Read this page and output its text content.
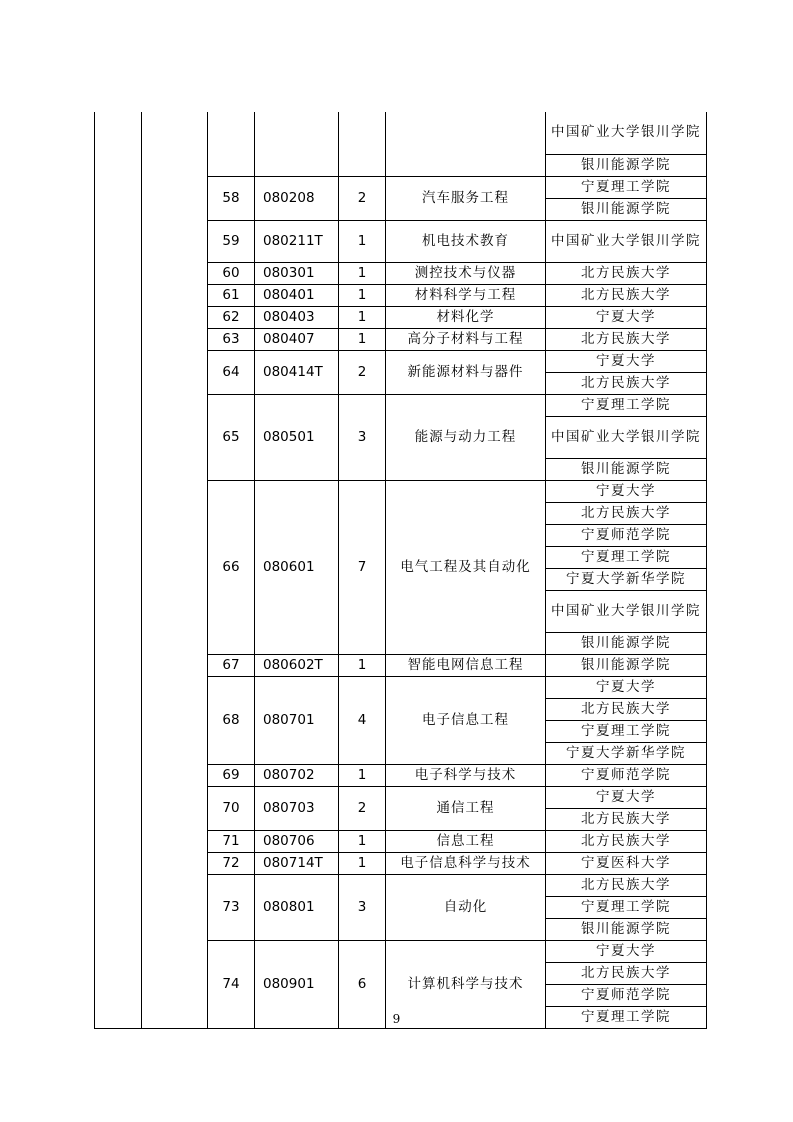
						中国矿业大学银川学院
						银川能源学院
		58	080208	2	汽车服务工程	宁夏理工学院
						银川能源学院
		59	080211T	1	机电技术教育	中国矿业大学银川学院
		60	080301	1	测控技术与仪器	北方民族大学
		61	080401	1	材料科学与工程	北方民族大学
		62	080403	1	材料化学	宁夏大学
		63	080407	1	高分子材料与工程	北方民族大学
		64	080414T	2	新能源材料与器件	宁夏大学
						北方民族大学
		65	080501	3	能源与动力工程	宁夏理工学院
						中国矿业大学银川学院
						银川能源学院
		66	080601	7	电气工程及其自动化	宁夏大学
						北方民族大学
						宁夏师范学院
						宁夏理工学院
						宁夏大学新华学院
						中国矿业大学银川学院
						银川能源学院
		67	080602T	1	智能电网信息工程	银川能源学院
		68	080701	4	电子信息工程	宁夏大学
						北方民族大学
						宁夏理工学院
						宁夏大学新华学院
		69	080702	1	电子科学与技术	宁夏师范学院
		70	080703	2	通信工程	宁夏大学
						北方民族大学
		71	080706	1	信息工程	北方民族大学
		72	080714T	1	电子信息科学与技术	宁夏医科大学
		73	080801	3	自动化	北方民族大学
						宁夏理工学院
						银川能源学院
		74	080901	6	计算机科学与技术	宁夏大学
						北方民族大学
						宁夏师范学院
						宁夏理工学院
9
